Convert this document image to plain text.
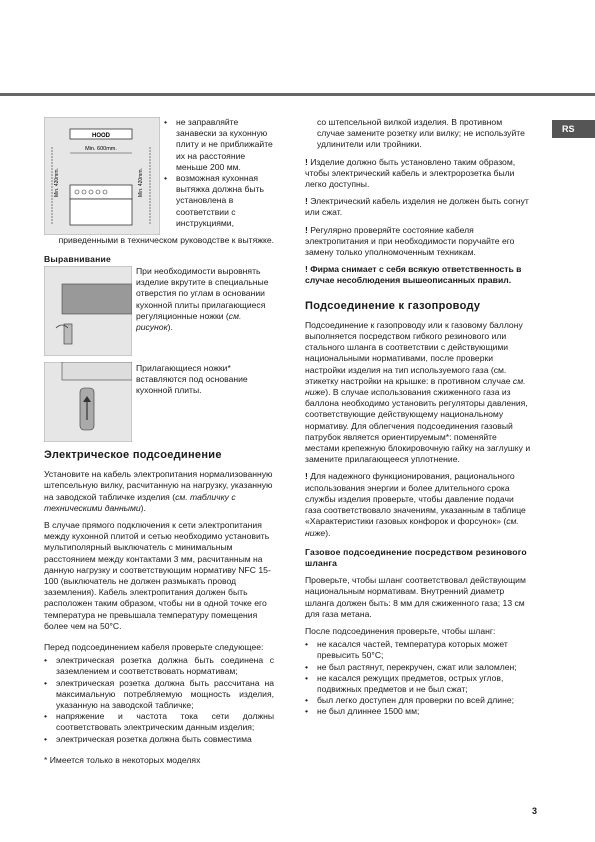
RS
HOOD
Min. 600mm.
Min. 420mm.	Min. 420mm.
• не заправляйте занавески за кухонную плиту и не приближайте их на расстояние меньше 200 мм.
• возможная кухонная вытяжка должна быть установлена в соответствии с инструкциями,

приведенными в техническом руководстве к вытяжке.

Выравнивание

При необходимости выровнять изделие вкрутите в специальные отверстия по углам в основании кухонной плиты прилагающиеся регуляционные ножки (см. рисунок).

Прилагающиеся ножки* вставляются под основание кухонной плиты.

Электрическое подсоединение

Установите на кабель электропитания нормализованную штепсельную вилку, расчитанную на нагрузку, указанную на заводской табличке изделия (см. табличку с техническими данными).

В случае прямого подключения к сети электропитания между кухонной плитой и сетью необходимо установить мультиполярный выключатель с минимальным расстоянием между контактами 3 мм, расчитанным на данную нагрузку и соответствующим нормативу NFC 15-100 (выключатель не должен размыкать провод заземления). Кабель электропитания должен быть расположен таким образом, чтобы ни в одной точке его температура не превышала температуру помещения более чем на 50°C.

Перед подсоединением кабеля проверьте следующее:

• электрическая розетка должна быть соединена с заземлением и соответствовать нормативам;
• электрическая розетка должна быть рассчитана на максимальную потребляемую мощность изделия, указанную на заводской табличке;
• напряжение и частота тока сети должны соответствовать электрическим данным изделия;
• электрическая розетка должна быть совместима

* Имеется только в некоторых моделях

со штепсельной вилкой изделия. В противном случае замените розетку или вилку; не используйте удлинители или тройники.

! Изделие должно быть установлено таким образом, чтобы электрический кабель и электророзетка были легко доступны.

! Электрический кабель изделия не должен быть согнут или сжат.

! Регулярно проверяйте состояние кабеля электропитания и при необходимости поручайте его замену только уполномоченным техникам.

! Фирма снимает с себя всякую ответственность в случае несоблюдения вышеописанных правил.

Подсоединение к газопроводу

Подсоединение к газопроводу или к газовому баллону выполняется посредством гибкого резинового или стального шланга в соответствии с действующими национальными нормативами, после проверки настройки изделия на тип используемого газа (см. этикетку настройки на крышке: в противном случае см. ниже). В случае использования сжиженного газа из баллона необходимо установить регуляторы давления, соответствующие действующему национальному нормативу. Для облегчения подсоединения газовый патрубок является ориентируемым*: поменяйте местами крепежную блокировочную гайку на заглушку и замените прилагающееся уплотнение.

! Для надежного функционирования, рационального использования энергии и более длительного срока службы изделия проверьте, чтобы давление подачи газа соответствовало значениям, указанным в таблице «Характеристики газовых конфорок и форсунок» (см. ниже).

Газовое подсоединение посредством резинового шланга

Проверьте, чтобы шланг соответствовал действующим национальным нормативам. Внутренний диаметр шланга должен быть: 8 мм для сжиженного газа; 13 см для газа метана.

После подсоединения проверьте, чтобы шланг:

• не касался частей, температура которых может превысить 50°C;
• не был растянут, перекручен, сжат или заломлен;
• не касался режущих предметов, острых углов, подвижных предметов и не был сжат;
• был легко доступен для проверки по всей длине;
• не был длиннее 1500 мм;
3
